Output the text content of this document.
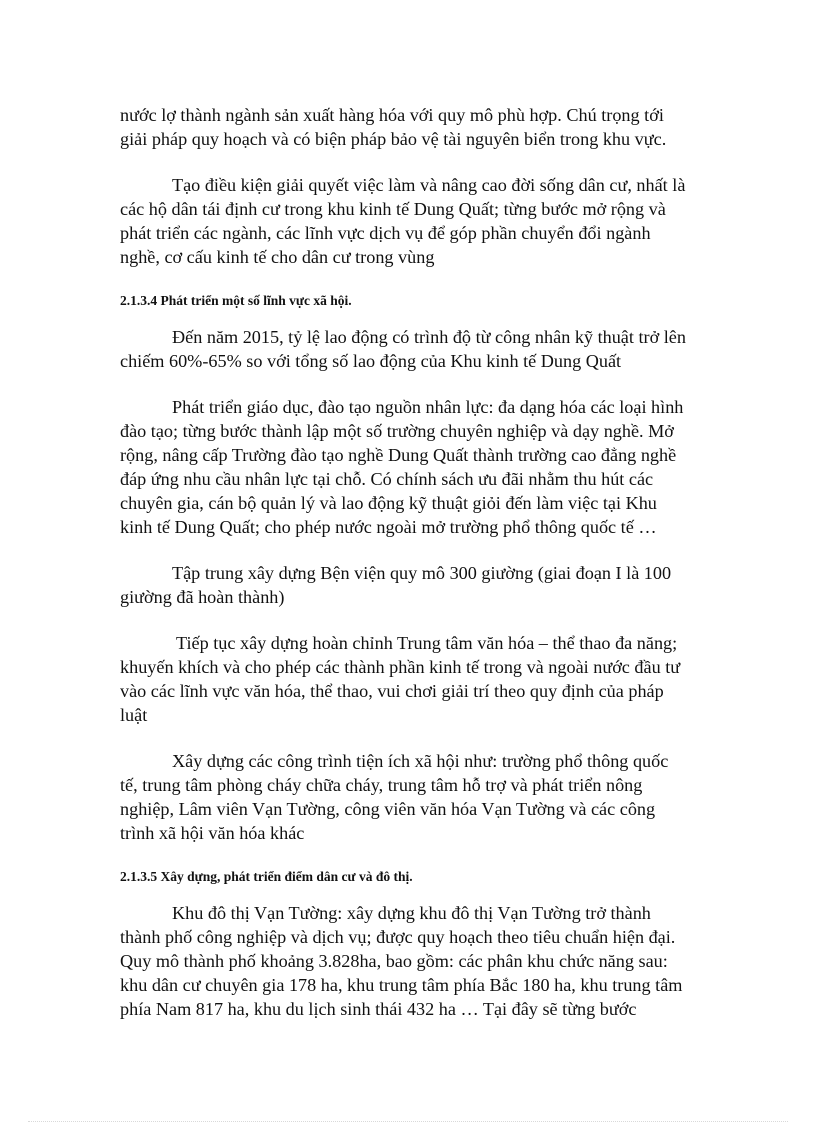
nước lợ thành ngành sản xuất hàng hóa với quy mô phù hợp. Chú trọng tới giải pháp quy hoạch và có biện pháp bảo vệ tài nguyên biển trong khu vực.

Tạo điều kiện giải quyết việc làm và nâng cao đời sống dân cư, nhất là các hộ dân tái định cư trong khu kinh tế Dung Quất; từng bước mở rộng và phát triển các ngành, các lĩnh vực dịch vụ để góp phần chuyển đổi ngành nghề, cơ cấu kinh tế cho dân cư trong vùng

2.1.3.4 Phát triển một số lĩnh vực xã hội.

Đến năm 2015, tỷ lệ lao động có trình độ từ công nhân kỹ thuật trở lên chiếm 60%-65% so với tổng số lao động của Khu kinh tế Dung Quất

Phát triển giáo dục, đào tạo nguồn nhân lực: đa dạng hóa các loại hình đào tạo; từng bước thành lập một số trường chuyên nghiệp và dạy nghề. Mở rộng, nâng cấp Trường đào tạo nghề Dung Quất thành trường cao đẳng nghề đáp ứng nhu cầu nhân lực tại chỗ. Có chính sách ưu đãi nhằm thu hút các chuyên gia, cán bộ quản lý và lao động kỹ thuật giỏi đến làm việc tại Khu kinh tế Dung Quất; cho phép nước ngoài mở trường phổ thông quốc tế …

Tập trung xây dựng Bện viện quy mô 300 giường (giai đoạn I là 100 giường đã hoàn thành)

Tiếp tục xây dựng hoàn chỉnh Trung tâm văn hóa – thể thao đa năng; khuyến khích và cho phép các thành phần kinh tế trong và ngoài nước đầu tư vào các lĩnh vực văn hóa, thể thao, vui chơi giải trí theo quy định của pháp luật

Xây dựng các công trình tiện ích xã hội như: trường phổ thông quốc tế, trung tâm phòng cháy chữa cháy, trung tâm hỗ trợ và phát triển nông nghiệp, Lâm viên Vạn Tường, công viên văn hóa Vạn Tường và các công trình xã hội văn hóa khác

2.1.3.5 Xây dựng, phát triển điểm dân cư và đô thị.

Khu đô thị Vạn Tường: xây dựng khu đô thị Vạn Tường trở thành thành phố công nghiệp và dịch vụ; được quy hoạch theo tiêu chuẩn hiện đại. Quy mô thành phố khoảng 3.828ha, bao gồm: các phân khu chức năng sau: khu dân cư chuyên gia 178 ha, khu trung tâm phía Bắc 180 ha, khu trung tâm phía Nam 817 ha, khu du lịch sinh thái 432 ha … Tại đây sẽ từng bước
